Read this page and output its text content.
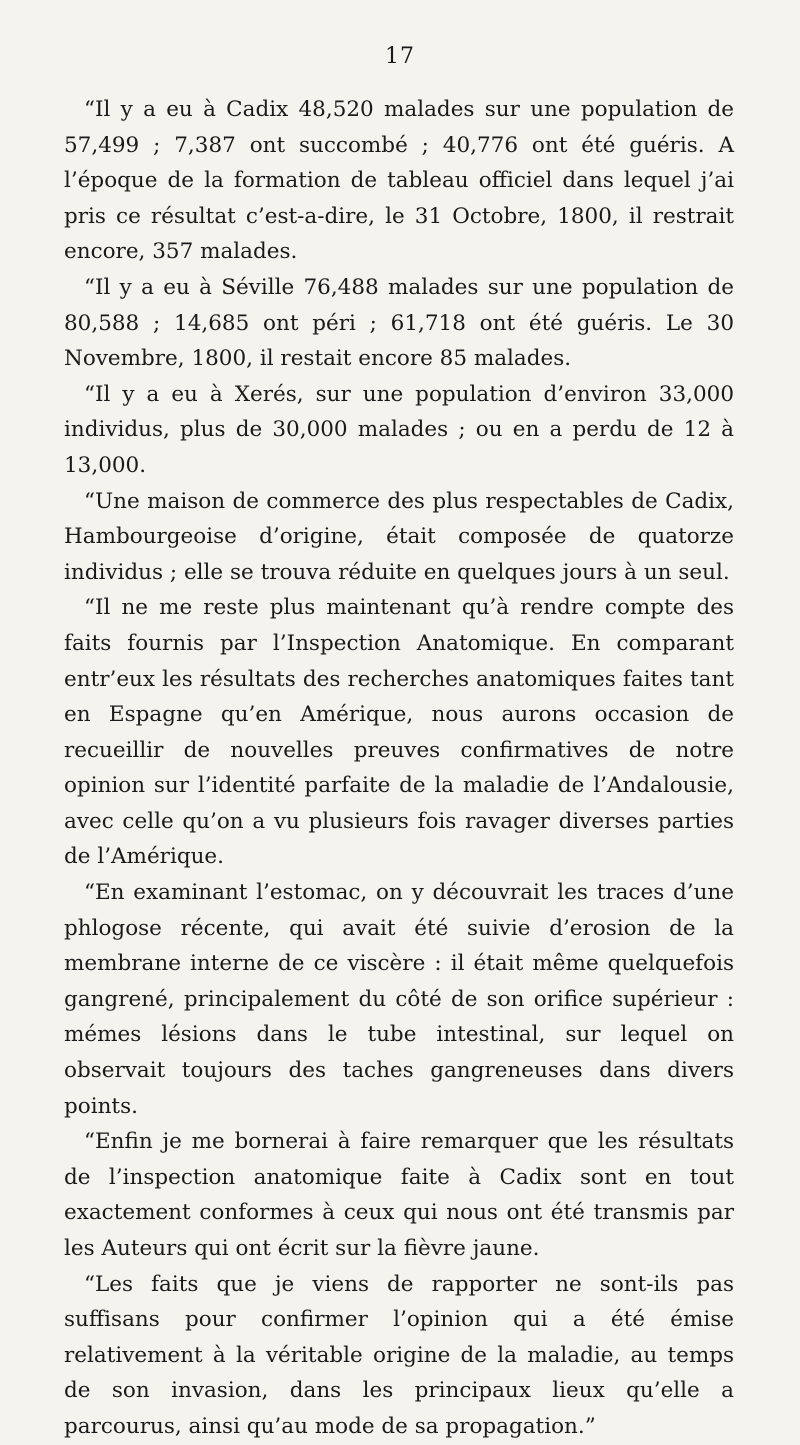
17

“Il y a eu à Cadix 48,520 malades sur une population de 57,499 ; 7,387 ont succombé ; 40,776 ont été guéris. A l’époque de la formation de tableau officiel dans lequel j’ai pris ce résultat c’est-a-dire, le 31 Octobre, 1800, il restrait encore, 357 malades.

“Il y a eu à Séville 76,488 malades sur une population de 80,588 ; 14,685 ont péri ; 61,718 ont été guéris. Le 30 Novembre, 1800, il restait encore 85 malades.

“Il y a eu à Xerés, sur une population d’environ 33,000 individus, plus de 30,000 malades ; ou en a perdu de 12 à 13,000.

“Une maison de commerce des plus respectables de Cadix, Hambourgeoise d’origine, était composée de quatorze individus ; elle se trouva réduite en quelques jours à un seul.

“Il ne me reste plus maintenant qu’à rendre compte des faits fournis par l’Inspection Anatomique. En comparant entr’eux les résultats des recherches anatomiques faites tant en Espagne qu’en Amérique, nous aurons occasion de recueillir de nouvelles preuves confirmatives de notre opinion sur l’identité parfaite de la maladie de l’Andalousie, avec celle qu’on a vu plusieurs fois ravager diverses parties de l’Amérique.

“En examinant l’estomac, on y découvrait les traces d’une phlogose récente, qui avait été suivie d’erosion de la membrane interne de ce viscère : il était même quelquefois gangrené, principalement du côté de son orifice supérieur : mémes lésions dans le tube intestinal, sur lequel on observait toujours des taches gangreneuses dans divers points.

“Enfin je me bornerai à faire remarquer que les résultats de l’inspection anatomique faite à Cadix sont en tout exactement conformes à ceux qui nous ont été transmis par les Auteurs qui ont écrit sur la fièvre jaune.

“Les faits que je viens de rapporter ne sont-ils pas suffisans pour confirmer l’opinion qui a été émise relativement à la véritable origine de la maladie, au temps de son invasion, dans les principaux lieux qu’elle a parcourus, ainsi qu’au mode de sa propagation.”
